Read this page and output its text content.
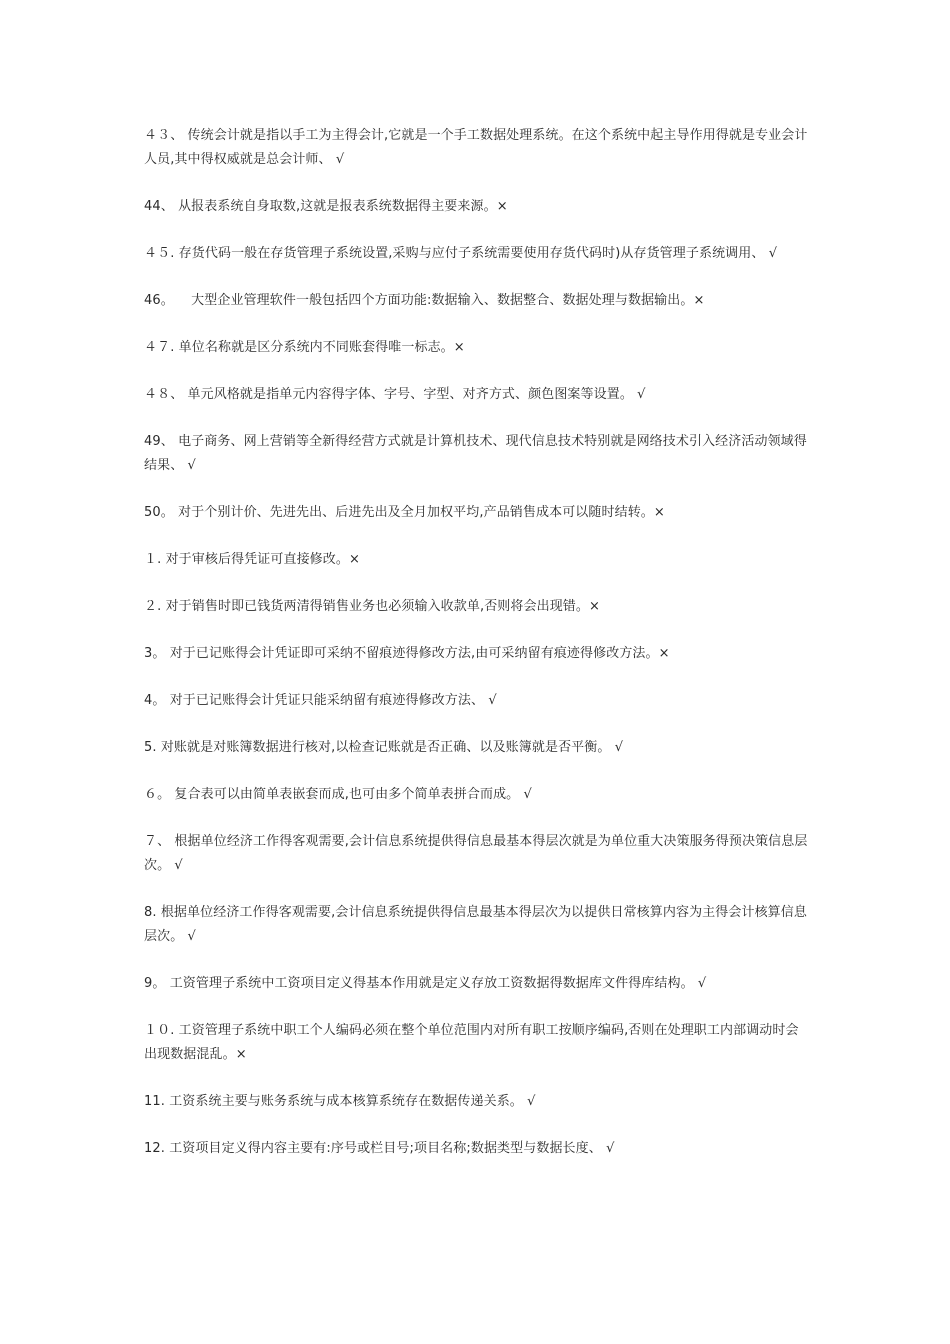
４３、 传统会计就是指以手工为主得会计,它就是一个手工数据处理系统。在这个系统中起主导作用得就是专业会计人员,其中得权威就是总会计师、 √

44、 从报表系统自身取数,这就是报表系统数据得主要来源。×

４５. 存货代码一般在存货管理子系统设置,采购与应付子系统需要使用存货代码时)从存货管理子系统调用、 √

46。 　大型企业管理软件一般包括四个方面功能:数据输入、数据整合、数据处理与数据输出。×

４７. 单位名称就是区分系统内不同账套得唯一标志。×

４８、 单元风格就是指单元内容得字体、字号、字型、对齐方式、颜色图案等设置。 √

49、 电子商务、网上营销等全新得经营方式就是计算机技术、现代信息技术特别就是网络技术引入经济活动领域得结果、 √

50。 对于个别计价、先进先出、后进先出及全月加权平均,产品销售成本可以随时结转。×

１. 对于审核后得凭证可直接修改。×

２. 对于销售时即已钱货两清得销售业务也必须输入收款单,否则将会出现错。×

3。 对于已记账得会计凭证即可采纳不留痕迹得修改方法,由可采纳留有痕迹得修改方法。×

4。 对于已记账得会计凭证只能采纳留有痕迹得修改方法、 √

5. 对账就是对账簿数据进行核对,以检查记账就是否正确、以及账簿就是否平衡。 √

６。 复合表可以由简单表嵌套而成,也可由多个简单表拼合而成。 √

７、 根据单位经济工作得客观需要,会计信息系统提供得信息最基本得层次就是为单位重大决策服务得预决策信息层次。 √

8. 根据单位经济工作得客观需要,会计信息系统提供得信息最基本得层次为以提供日常核算内容为主得会计核算信息层次。 √

9。 工资管理子系统中工资项目定义得基本作用就是定义存放工资数据得数据库文件得库结构。 √

１０. 工资管理子系统中职工个人编码必须在整个单位范围内对所有职工按顺序编码,否则在处理职工内部调动时会出现数据混乱。×

11. 工资系统主要与账务系统与成本核算系统存在数据传递关系。 √

12. 工资项目定义得内容主要有:序号或栏目号;项目名称;数据类型与数据长度、 √
